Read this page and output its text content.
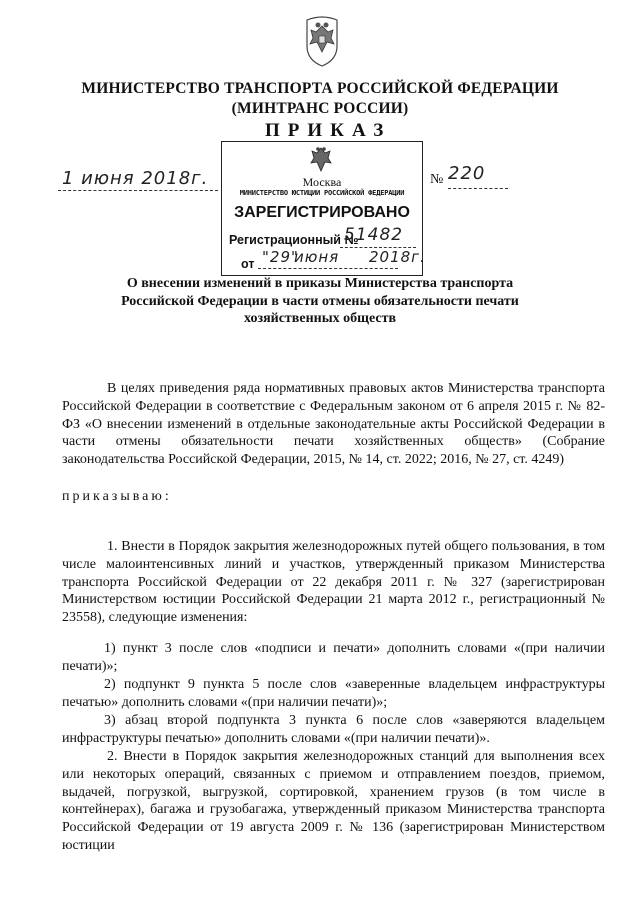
МИНИСТЕРСТВО ТРАНСПОРТА РОССИЙСКОЙ ФЕДЕРАЦИИ

(МИНТРАНС РОССИИ)

ПРИКАЗ

1 июня 2018г.	№ 220

Москва

МИНИСТЕРСТВО ЮСТИЦИИ РОССИЙСКОЙ ФЕДЕРАЦИИ

ЗАРЕГИСТРИРОВАНО

Регистрационный №
51482
от "29"
июня 2018г.

О внесении изменений в приказы Министерства транспорта Российской Федерации в части отмены обязательности печати хозяйственных обществ

В целях приведения ряда нормативных правовых актов Министерства транспорта Российской Федерации в соответствие с Федеральным законом от 6 апреля 2015 г. № 82-ФЗ «О внесении изменений в отдельные законодательные акты Российской Федерации в части отмены обязательности печати хозяйственных обществ» (Собрание законодательства Российской Федерации, 2015, № 14, ст. 2022; 2016, № 27, ст. 4249)

приказываю:

1. Внести в Порядок закрытия железнодорожных путей общего пользования, в том числе малоинтенсивных линий и участков, утвержденный приказом Министерства транспорта Российской Федерации от 22 декабря 2011 г. № 327 (зарегистрирован Министерством юстиции Российской Федерации 21 марта 2012 г., регистрационный № 23558), следующие изменения:

1) пункт 3 после слов «подписи и печати» дополнить словами «(при наличии печати)»;

2) подпункт 9 пункта 5 после слов «заверенные владельцем инфраструктуры печатью» дополнить словами «(при наличии печати)»;

3) абзац второй подпункта 3 пункта 6 после слов «заверяются владельцем инфраструктуры печатью» дополнить словами «(при наличии печати)».

2. Внести в Порядок закрытия железнодорожных станций для выполнения всех или некоторых операций, связанных с приемом и отправлением поездов, приемом, выдачей, погрузкой, выгрузкой, сортировкой, хранением грузов (в том числе в контейнерах), багажа и грузобагажа, утвержденный приказом Министерства транспорта Российской Федерации от 19 августа 2009 г. № 136 (зарегистрирован Министерством юстиции
